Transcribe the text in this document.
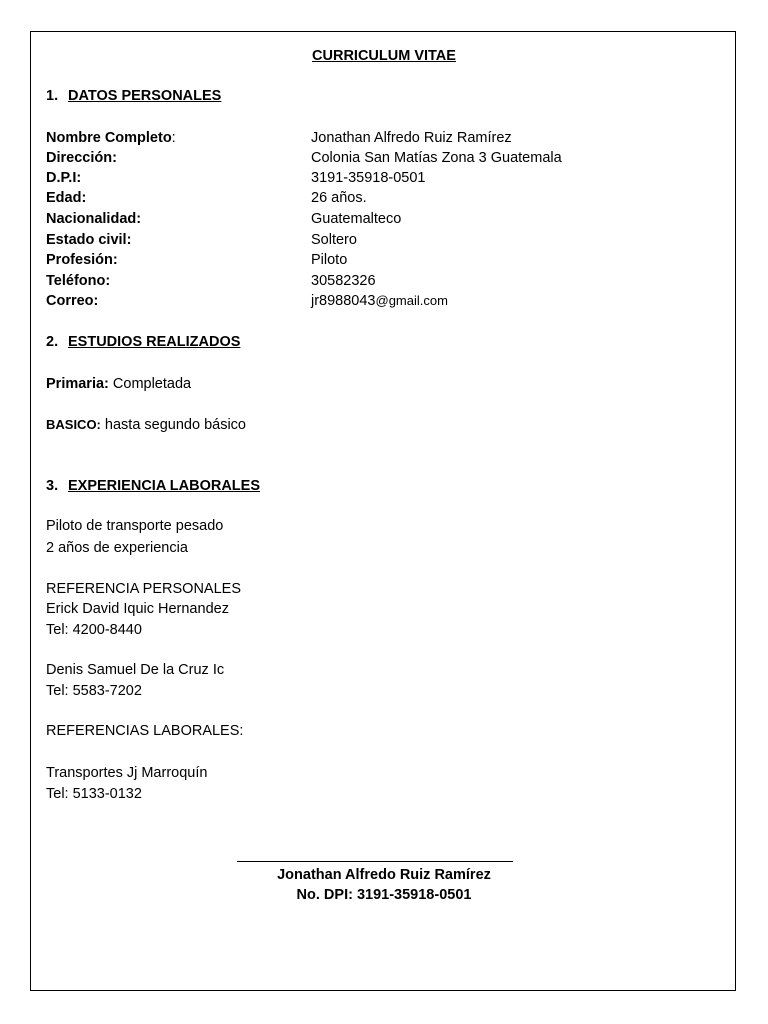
CURRICULUM VITAE
1. DATOS PERSONALES
Nombre Completo:	Jonathan Alfredo Ruiz Ramírez
Dirección:	Colonia San Matías Zona 3 Guatemala
D.P.I:	3191-35918-0501
Edad:	26 años.
Nacionalidad:	Guatemalteco
Estado civil:	Soltero
Profesión:	Piloto
Teléfono:	30582326
Correo:	jr8988043@gmail.com
2. ESTUDIOS REALIZADOS
Primaria: Completada
BASICO: hasta segundo básico
3. EXPERIENCIA LABORALES
Piloto de transporte pesado
2 años de experiencia
REFERENCIA PERSONALES
Erick David Iquic Hernandez
Tel: 4200-8440
Denis Samuel De la Cruz Ic
Tel: 5583-7202
REFERENCIAS LABORALES:
Transportes Jj Marroquín
Tel: 5133-0132
Jonathan Alfredo Ruiz Ramírez
No. DPI: 3191-35918-0501
